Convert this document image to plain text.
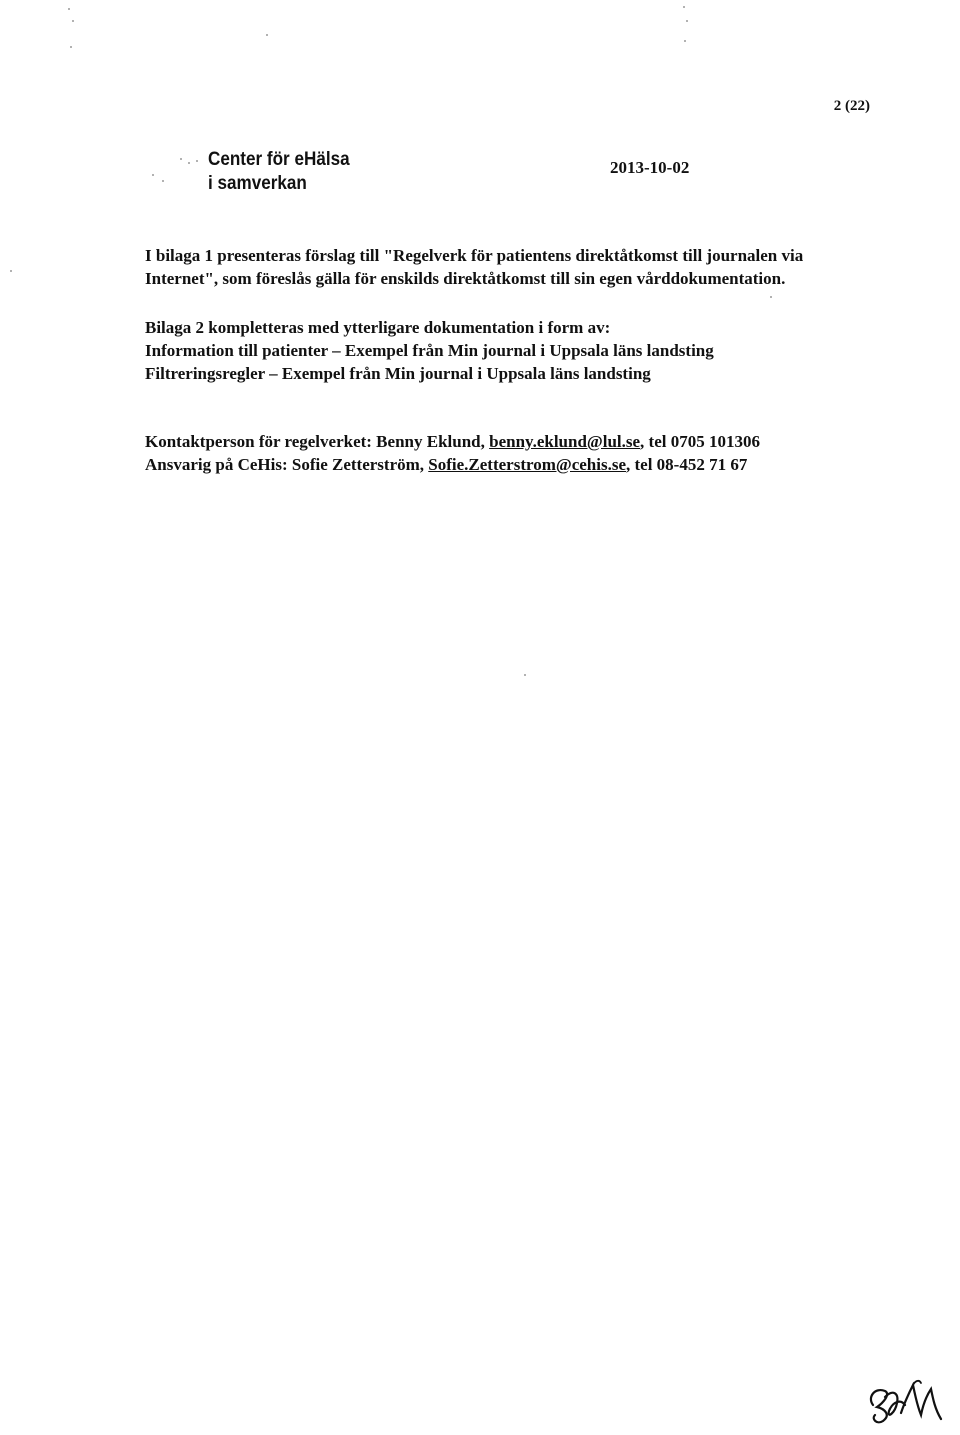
2 (22)
Center för eHälsa
i samverkan
2013-10-02

I bilaga 1 presenteras förslag till "Regelverk för patientens direktåtkomst till journalen via
Internet", som föreslås gälla för enskilds direktåtkomst till sin egen vårddokumentation.

Bilaga 2 kompletteras med ytterligare dokumentation i form av:
Information till patienter – Exempel från Min journal i Uppsala läns landsting
Filtreringsregler – Exempel från Min journal i Uppsala läns landsting

Kontaktperson för regelverket: Benny Eklund, benny.eklund@lul.se, tel 0705 101306
Ansvarig på CeHis: Sofie Zetterström, Sofie.Zetterstrom@cehis.se, tel 08-452 71 67
